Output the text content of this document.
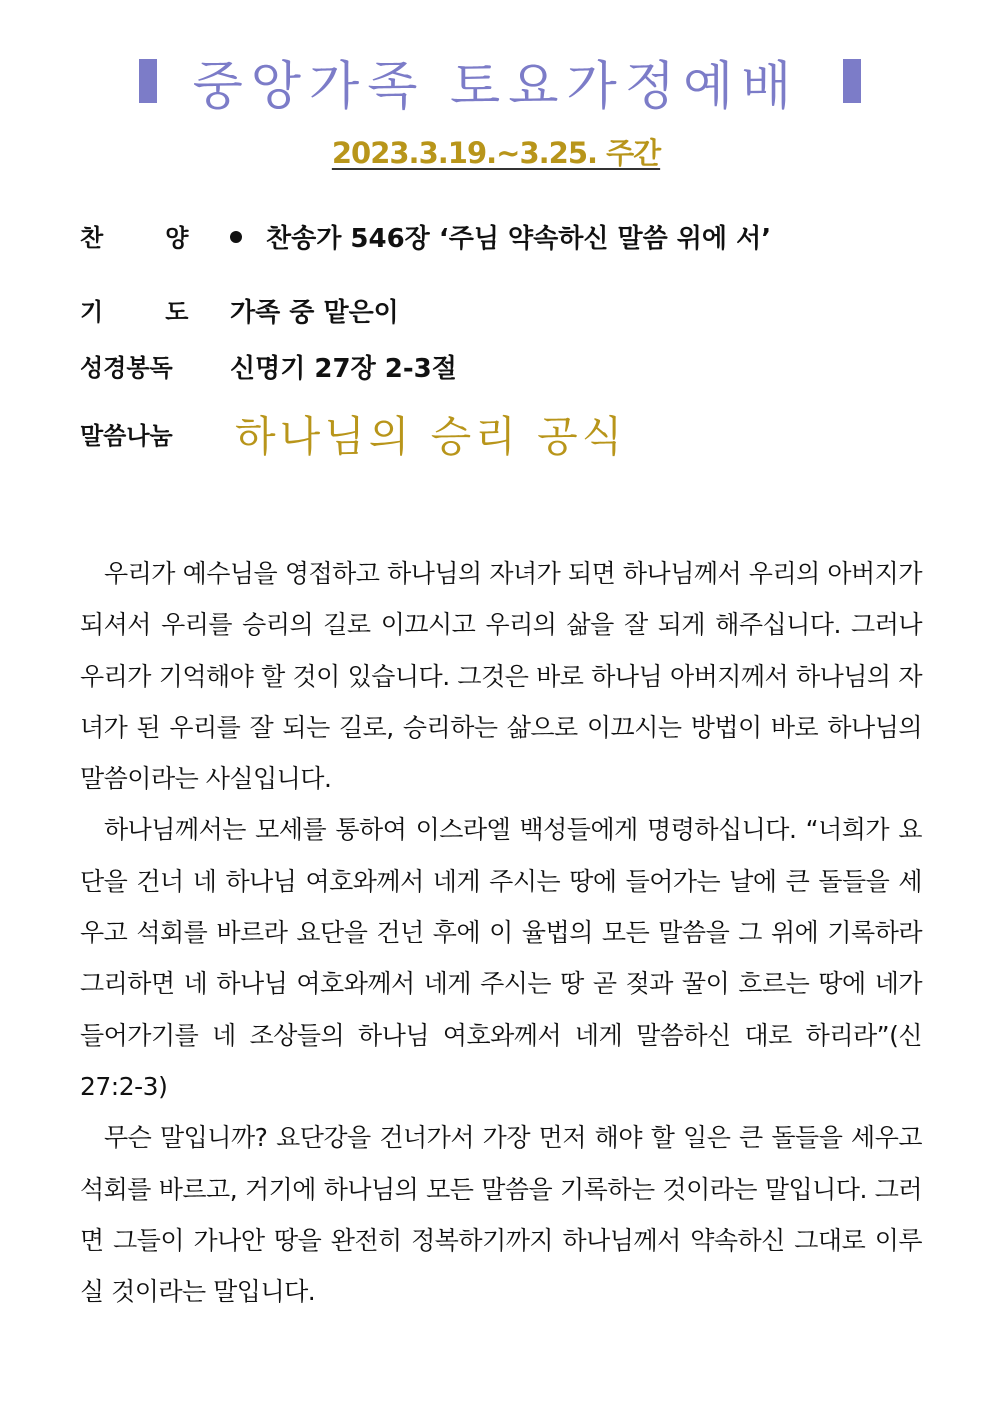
중앙가족 토요가정예배
2023.3.19.~3.25. 주간
찬	양	찬송가 546장 ‘주님 약속하신 말씀 위에 서’
기	도 가족 중 맡은이
성경봉독 신명기 27장 2-3절
말씀나눔 하나님의 승리 공식

우리가 예수님을 영접하고 하나님의 자녀가 되면 하나님께서 우리의 아버지가 되셔서 우리를 승리의 길로 이끄시고 우리의 삶을 잘 되게 해주십니다. 그러나 우리가 기억해야 할 것이 있습니다. 그것은 바로 하나님 아버지께서 하나님의 자녀가 된 우리를 잘 되는 길로, 승리하는 삶으로 이끄시는 방법이 바로 하나님의 말씀이라는 사실입니다.

하나님께서는 모세를 통하여 이스라엘 백성들에게 명령하십니다. “너희가 요단을 건너 네 하나님 여호와께서 네게 주시는 땅에 들어가는 날에 큰 돌들을 세우고 석회를 바르라 요단을 건넌 후에 이 율법의 모든 말씀을 그 위에 기록하라 그리하면 네 하나님 여호와께서 네게 주시는 땅 곧 젖과 꿀이 흐르는 땅에 네가 들어가기를 네 조상들의 하나님 여호와께서 네게 말씀하신 대로 하리라”(신 27:2-3)

무슨 말입니까? 요단강을 건너가서 가장 먼저 해야 할 일은 큰 돌들을 세우고 석회를 바르고, 거기에 하나님의 모든 말씀을 기록하는 것이라는 말입니다. 그러면 그들이 가나안 땅을 완전히 정복하기까지 하나님께서 약속하신 그대로 이루실 것이라는 말입니다.
